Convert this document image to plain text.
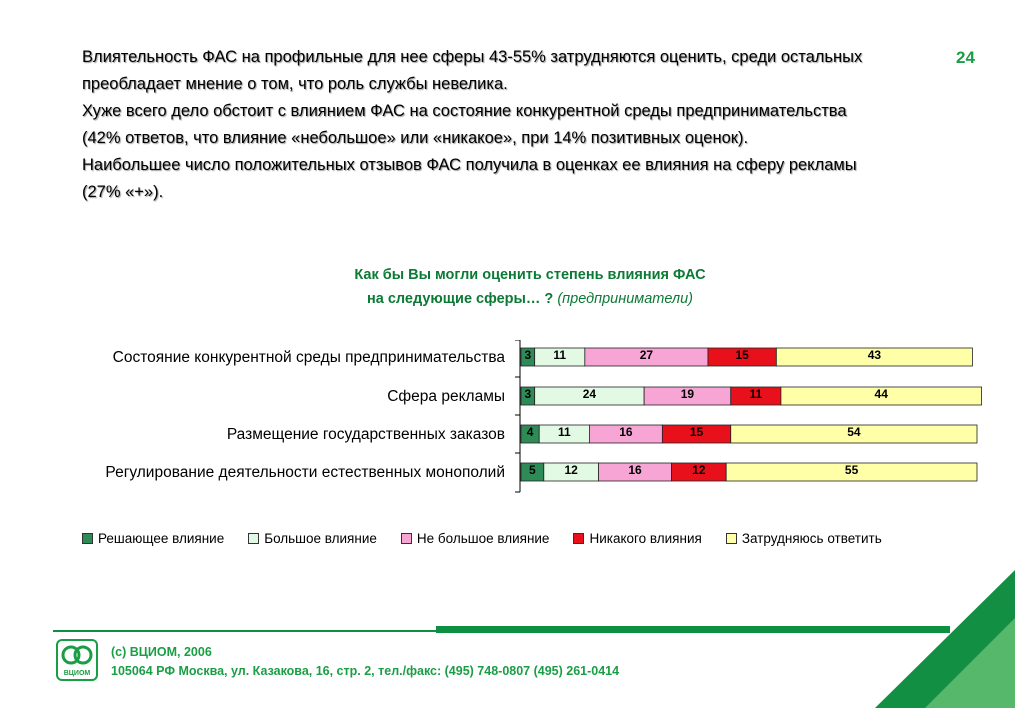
Влиятельность ФАС на профильные для нее сферы 43-55% затрудняются оценить, среди остальных

преобладает мнение о том, что роль службы невелика.

Хуже всего дело обстоит с влиянием ФАС на состояние конкурентной среды предпринимательства

(42% ответов, что влияние «небольшое» или «никакое», при 14% позитивных оценок).

Наибольшее число положительных отзывов ФАС получила в оценках ее влияния на сферу рекламы

(27% «+»).

24
Как бы Вы могли оценить степень влияния ФАС
на следующие сферы… ? (предприниматели)
Состояние конкурентной среды предпринимательства 3 11	27	15	43
Сфера рекламы 3	24	19	11	44
Размещение государственных заказов 4 11	16	15	54
Регулирование деятельности естественных монополий 5 12	16	12	55
Решающее влияние	Большое влияние	Не большое влияние	Никакого влияния	Затрудняюсь ответить
ВЦИОМ
(с) ВЦИОМ, 2006
105064 РФ Москва, ул. Казакова, 16, стр. 2, тел./факс: (495) 748-0807 (495) 261-0414
